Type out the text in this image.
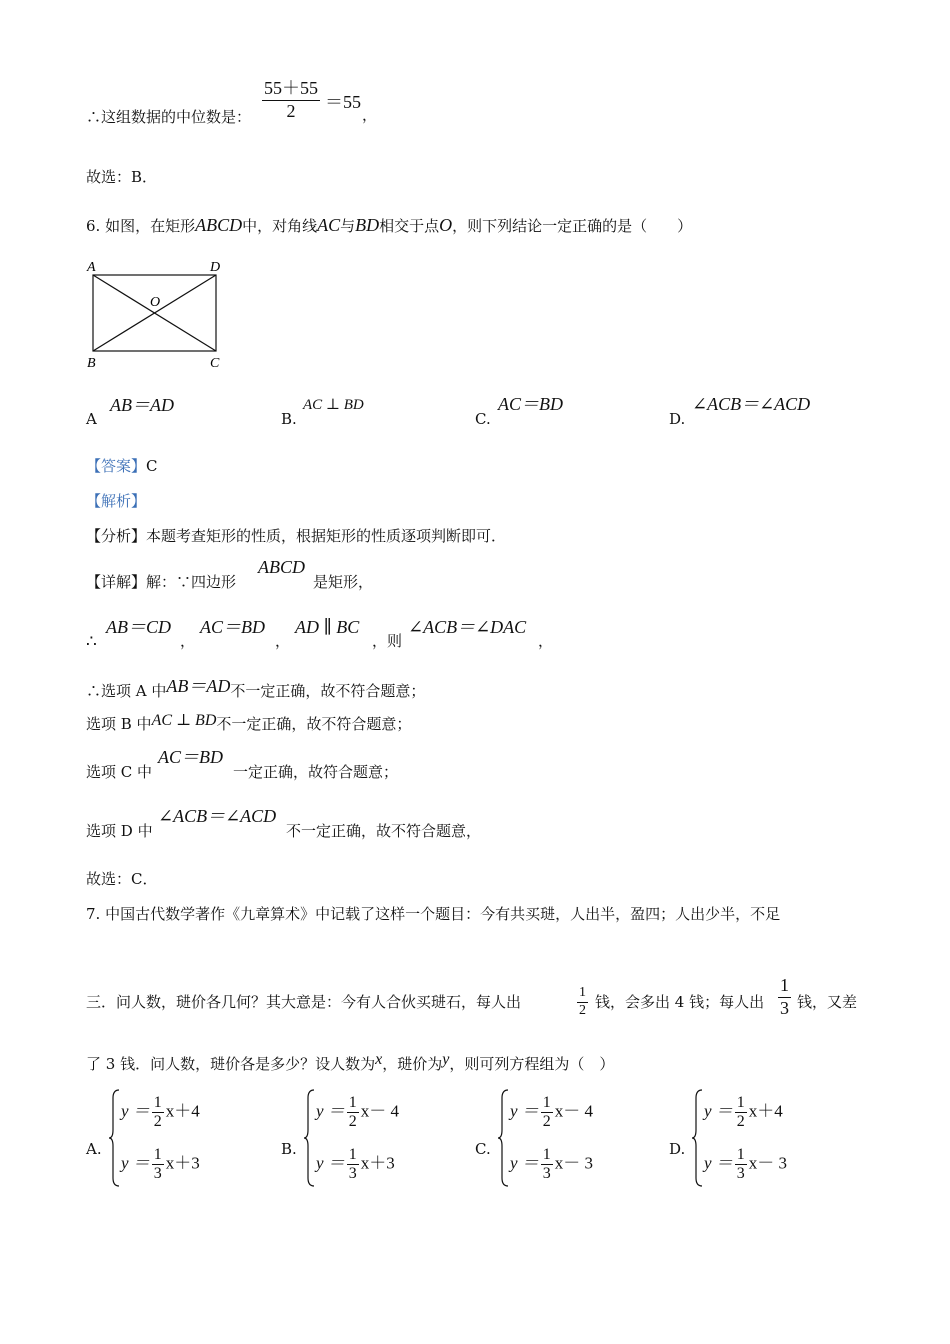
∴这组数据的中位数是： $\frac{55+55}{2} =55$
，
故选：B．
6. 如图，在矩形ABCD中，对角线AC与BD相交于点O，则下列结论一定正确的是（　　）
A	D
O
B	C
A
AB＝AD
B.
AC ⊥ BD
C.
AC＝BD
D.
∠ACB＝∠ACD
【答案】C
【解析】
【分析】本题考查矩形的性质，根据矩形的性质逐项判断即可．
【详解】解：∵四边形
ABCD
是矩形，
∴
AB＝CD
，
AC＝BD
，
AD ∥ BC
，则
∠ACB＝∠DAC
，
∴选项 A 中AB＝AD不一定正确，故不符合题意；
选项 B 中AC ⊥ BD不一定正确，故不符合题意；
选项 C 中
AC＝BD
一定正确，故符合题意；
选项 D 中
∠ACB＝∠ACD
不一定正确，故不符合题意，
故选：C．
7. 中国古代数学著作《九章算术》中记载了这样一个题目：今有共买琎，人出半，盈四；人出少半，不足
三．问人数，琎价各几何？其大意是：今有人合伙买琎石，每人出	$\frac{1}{2}$ 钱，会多出 4 钱；每人出 $\frac{1}{3}$ 钱，又差
了 3 钱．问人数，琎价各是多少？设人数为x，琎价为y，则可列方程组为（　）
A.
$y = \frac{1}{2} x+4$
$y = \frac{1}{3} x+3$
B.
$y = \frac{1}{2} x- 4$
$y = \frac{1}{3} x+3$
C.
$y = \frac{1}{2} x- 4$
$y = \frac{1}{3} x- 3$
D.
$y = \frac{1}{2} x+4$
$y = \frac{1}{3} x- 3$
